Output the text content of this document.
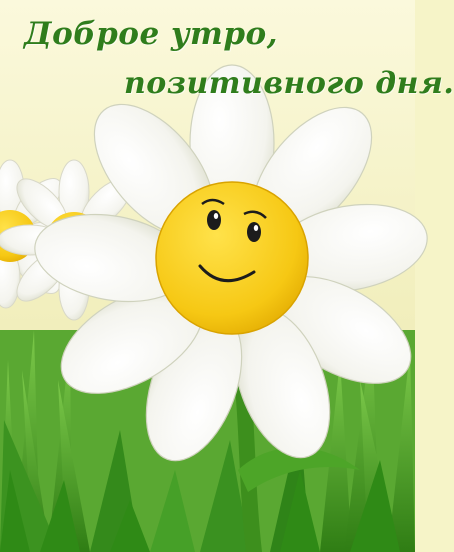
Доброе утро,

позитивного дня.
